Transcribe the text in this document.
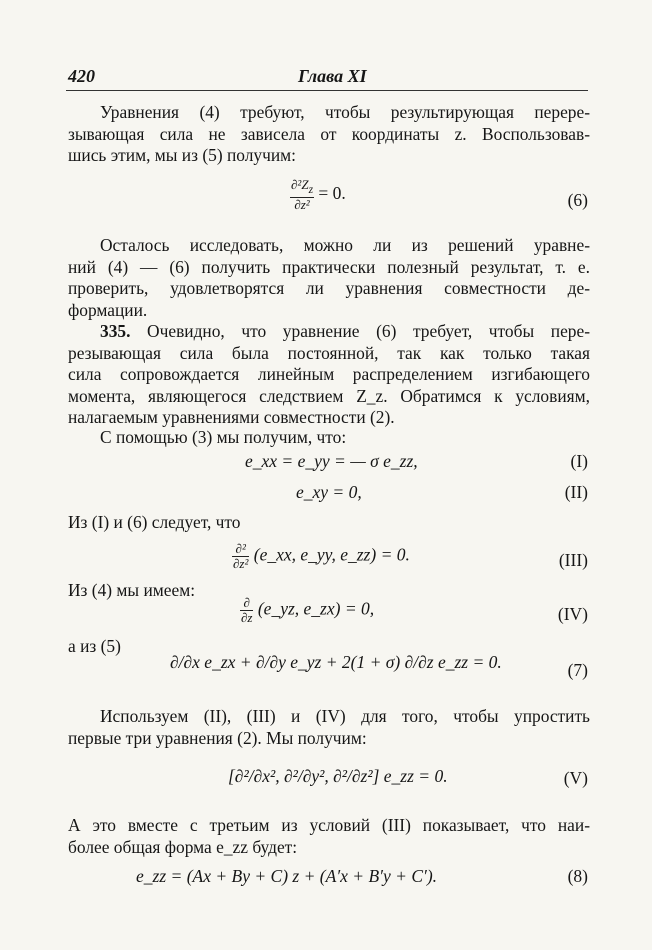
420	Глава XI
Уравнения (4) требуют, чтобы результирующая перере-
зывающая сила не зависела от координаты z. Воспользовав-
шись этим, мы из (5) получим:
$\frac{\text{∂²Zz}}{\text{∂z²}} = 0$.	(6)
Осталось исследовать, можно ли из решений уравне-
ний (4) — (6) получить практически полезный результат, т. е.
проверить, удовлетворятся ли уравнения совместности де-
формации.
335. Очевидно, что уравнение (6) требует, чтобы пере-
резывающая сила была постоянной, так как только такая
сила сопровождается линейным распределением изгибающего
момента, являющегося следствием Z_z. Обратимся к условиям,
налагаемым уравнениями совместности (2).
С помощью (3) мы получим, что:
e_xx = e_yy = — σ e_zz,	(I)
e_xy = 0,	(II)
Из (I) и (6) следует, что
$\frac{\text{∂²}}{\text{∂z²}}$ (e_xx, e_yy, e_zz) = 0.	(III)
Из (4) мы имеем:
$\frac{\partial}{\partial z}$ (e_yz, e_zx) = 0,	(IV)
а из (5)
∂/∂x e_zx + ∂/∂y e_yz + 2(1 + σ) ∂/∂z e_zz = 0.	(7)
Используем (II), (III) и (IV) для того, чтобы упростить
первые три уравнения (2). Мы получим:
[∂²/∂x², ∂²/∂y², ∂²/∂z²] e_zz = 0.	(V)
А это вместе с третьим из условий (III) показывает, что наи-
более общая форма e_zz будет:
e_zz = (Ax + By + C) z + (A′x + B′y + C′).	(8)
